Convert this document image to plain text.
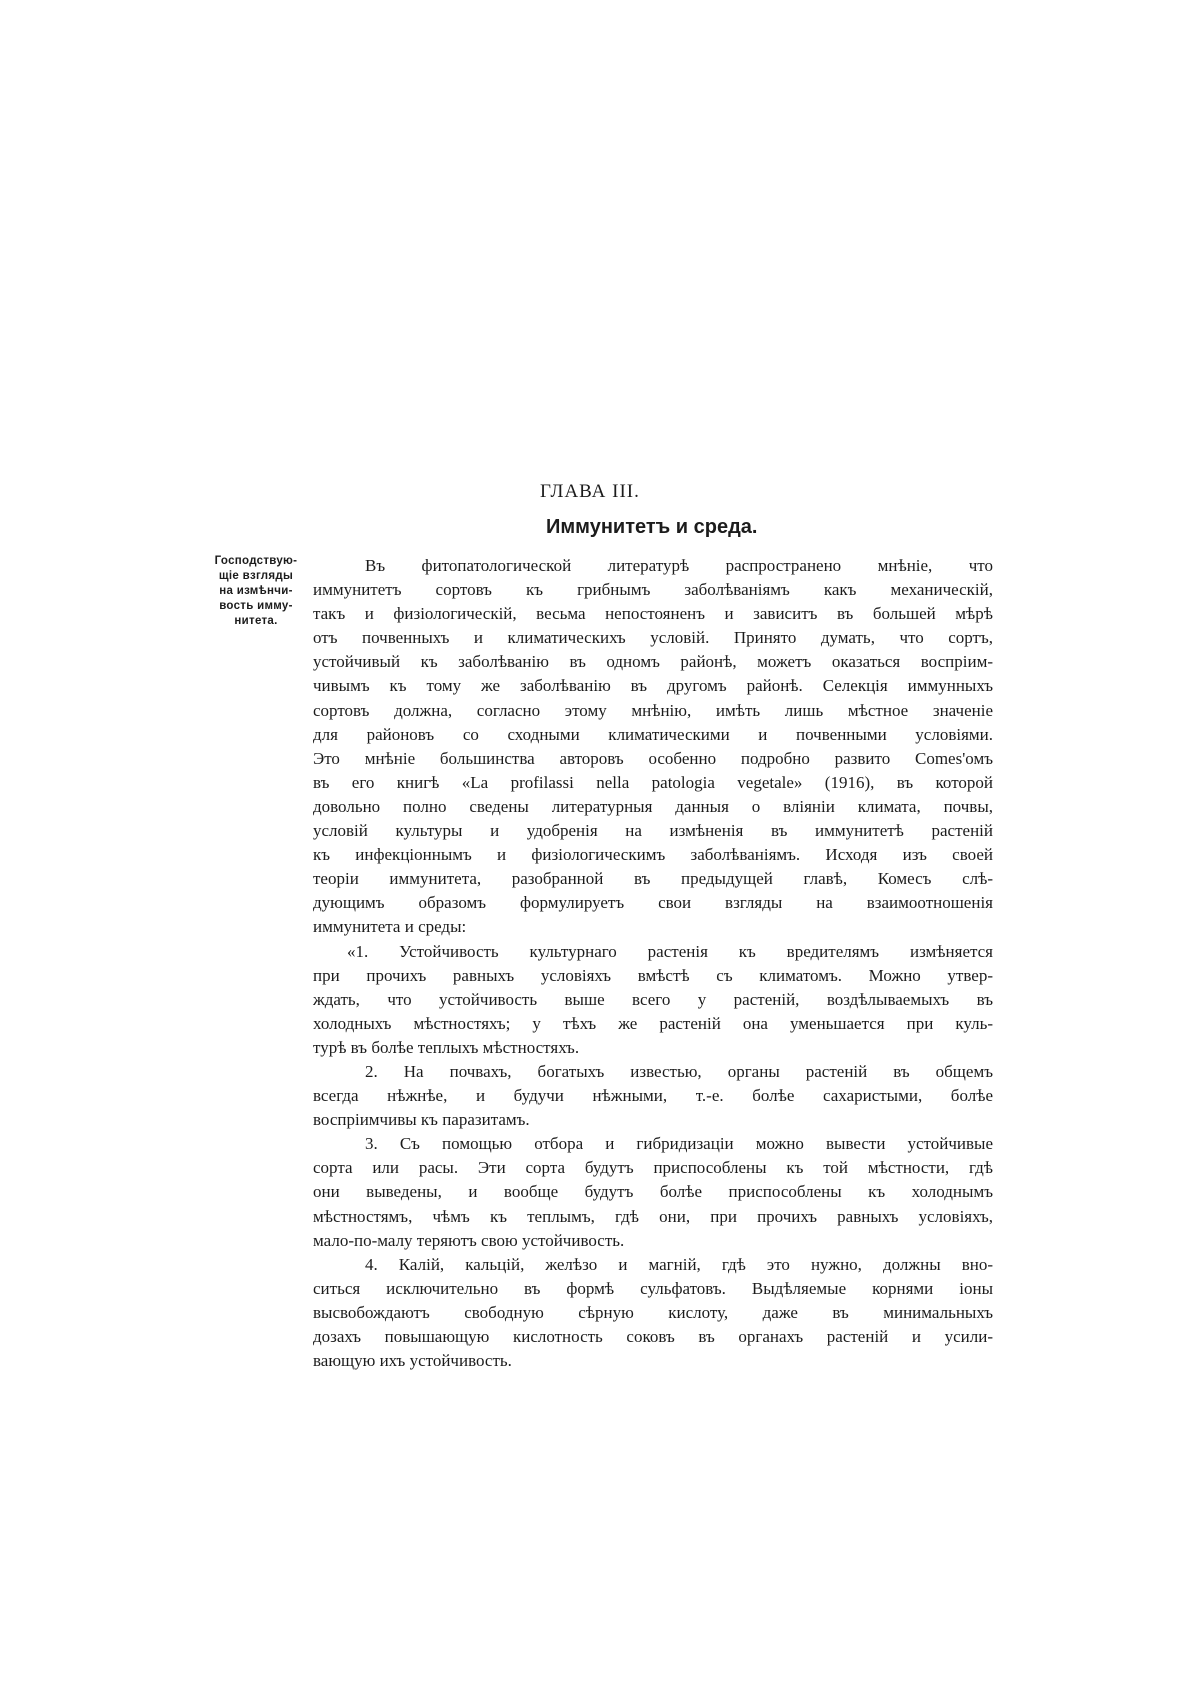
ГЛАВА III.
Иммунитетъ и среда.
Господствую-
щіе взгляды
на измѣнчи-
вость имму-
нитета.
Въ фитопатологической литературѣ распространено мнѣніе, что
иммунитетъ сортовъ къ грибнымъ заболѣваніямъ какъ механическій,
такъ и физіологическій, весьма непостояненъ и зависитъ въ большей мѣрѣ
отъ почвенныхъ и климатическихъ условій. Принято думать, что сортъ,
устойчивый къ заболѣванію въ одномъ районѣ, можетъ оказаться воспріим-
чивымъ къ тому же заболѣванію въ другомъ районѣ. Селекція иммунныхъ
сортовъ должна, согласно этому мнѣнію, имѣть лишь мѣстное значеніе
для районовъ со сходными климатическими и почвенными условіями.
Это мнѣніе большинства авторовъ особенно подробно развито Comes'омъ
въ его книгѣ «La profilassi nella patologia vegetale» (1916), въ которой
довольно полно сведены литературныя данныя о вліяніи климата, почвы,
условій культуры и удобренія на измѣненія въ иммунитетѣ растеній
къ инфекціоннымъ и физіологическимъ заболѣваніямъ. Исходя изъ своей
теоріи иммунитета, разобранной въ предыдущей главѣ, Комесъ слѣ-
дующимъ образомъ формулируетъ свои взгляды на взаимоотношенія
иммунитета и среды:
«1. Устойчивость культурнаго растенія къ вредителямъ измѣняется
при прочихъ равныхъ условіяхъ вмѣстѣ съ климатомъ. Можно утвер-
ждать, что устойчивость выше всего у растеній, воздѣлываемыхъ въ
холодныхъ мѣстностяхъ; у тѣхъ же растеній она уменьшается при куль-
турѣ въ болѣе теплыхъ мѣстностяхъ.
2. На почвахъ, богатыхъ известью, органы растеній въ общемъ
всегда нѣжнѣе, и будучи нѣжными, т.-е. болѣе сахаристыми, болѣе
воспріимчивы къ паразитамъ.
3. Съ помощью отбора и гибридизаціи можно вывести устойчивые
сорта или расы. Эти сорта будутъ приспособлены къ той мѣстности, гдѣ
они выведены, и вообще будутъ болѣе приспособлены къ холоднымъ
мѣстностямъ, чѣмъ къ теплымъ, гдѣ они, при прочихъ равныхъ условіяхъ,
мало-по-малу теряютъ свою устойчивость.
4. Калій, кальцій, желѣзо и магній, гдѣ это нужно, должны вно-
ситься исключительно въ формѣ сульфатовъ. Выдѣляемые корнями іоны
высвобождаютъ свободную сѣрную кислоту, даже въ минимальныхъ
дозахъ повышающую кислотность соковъ въ органахъ растеній и усили-
вающую ихъ устойчивость.
